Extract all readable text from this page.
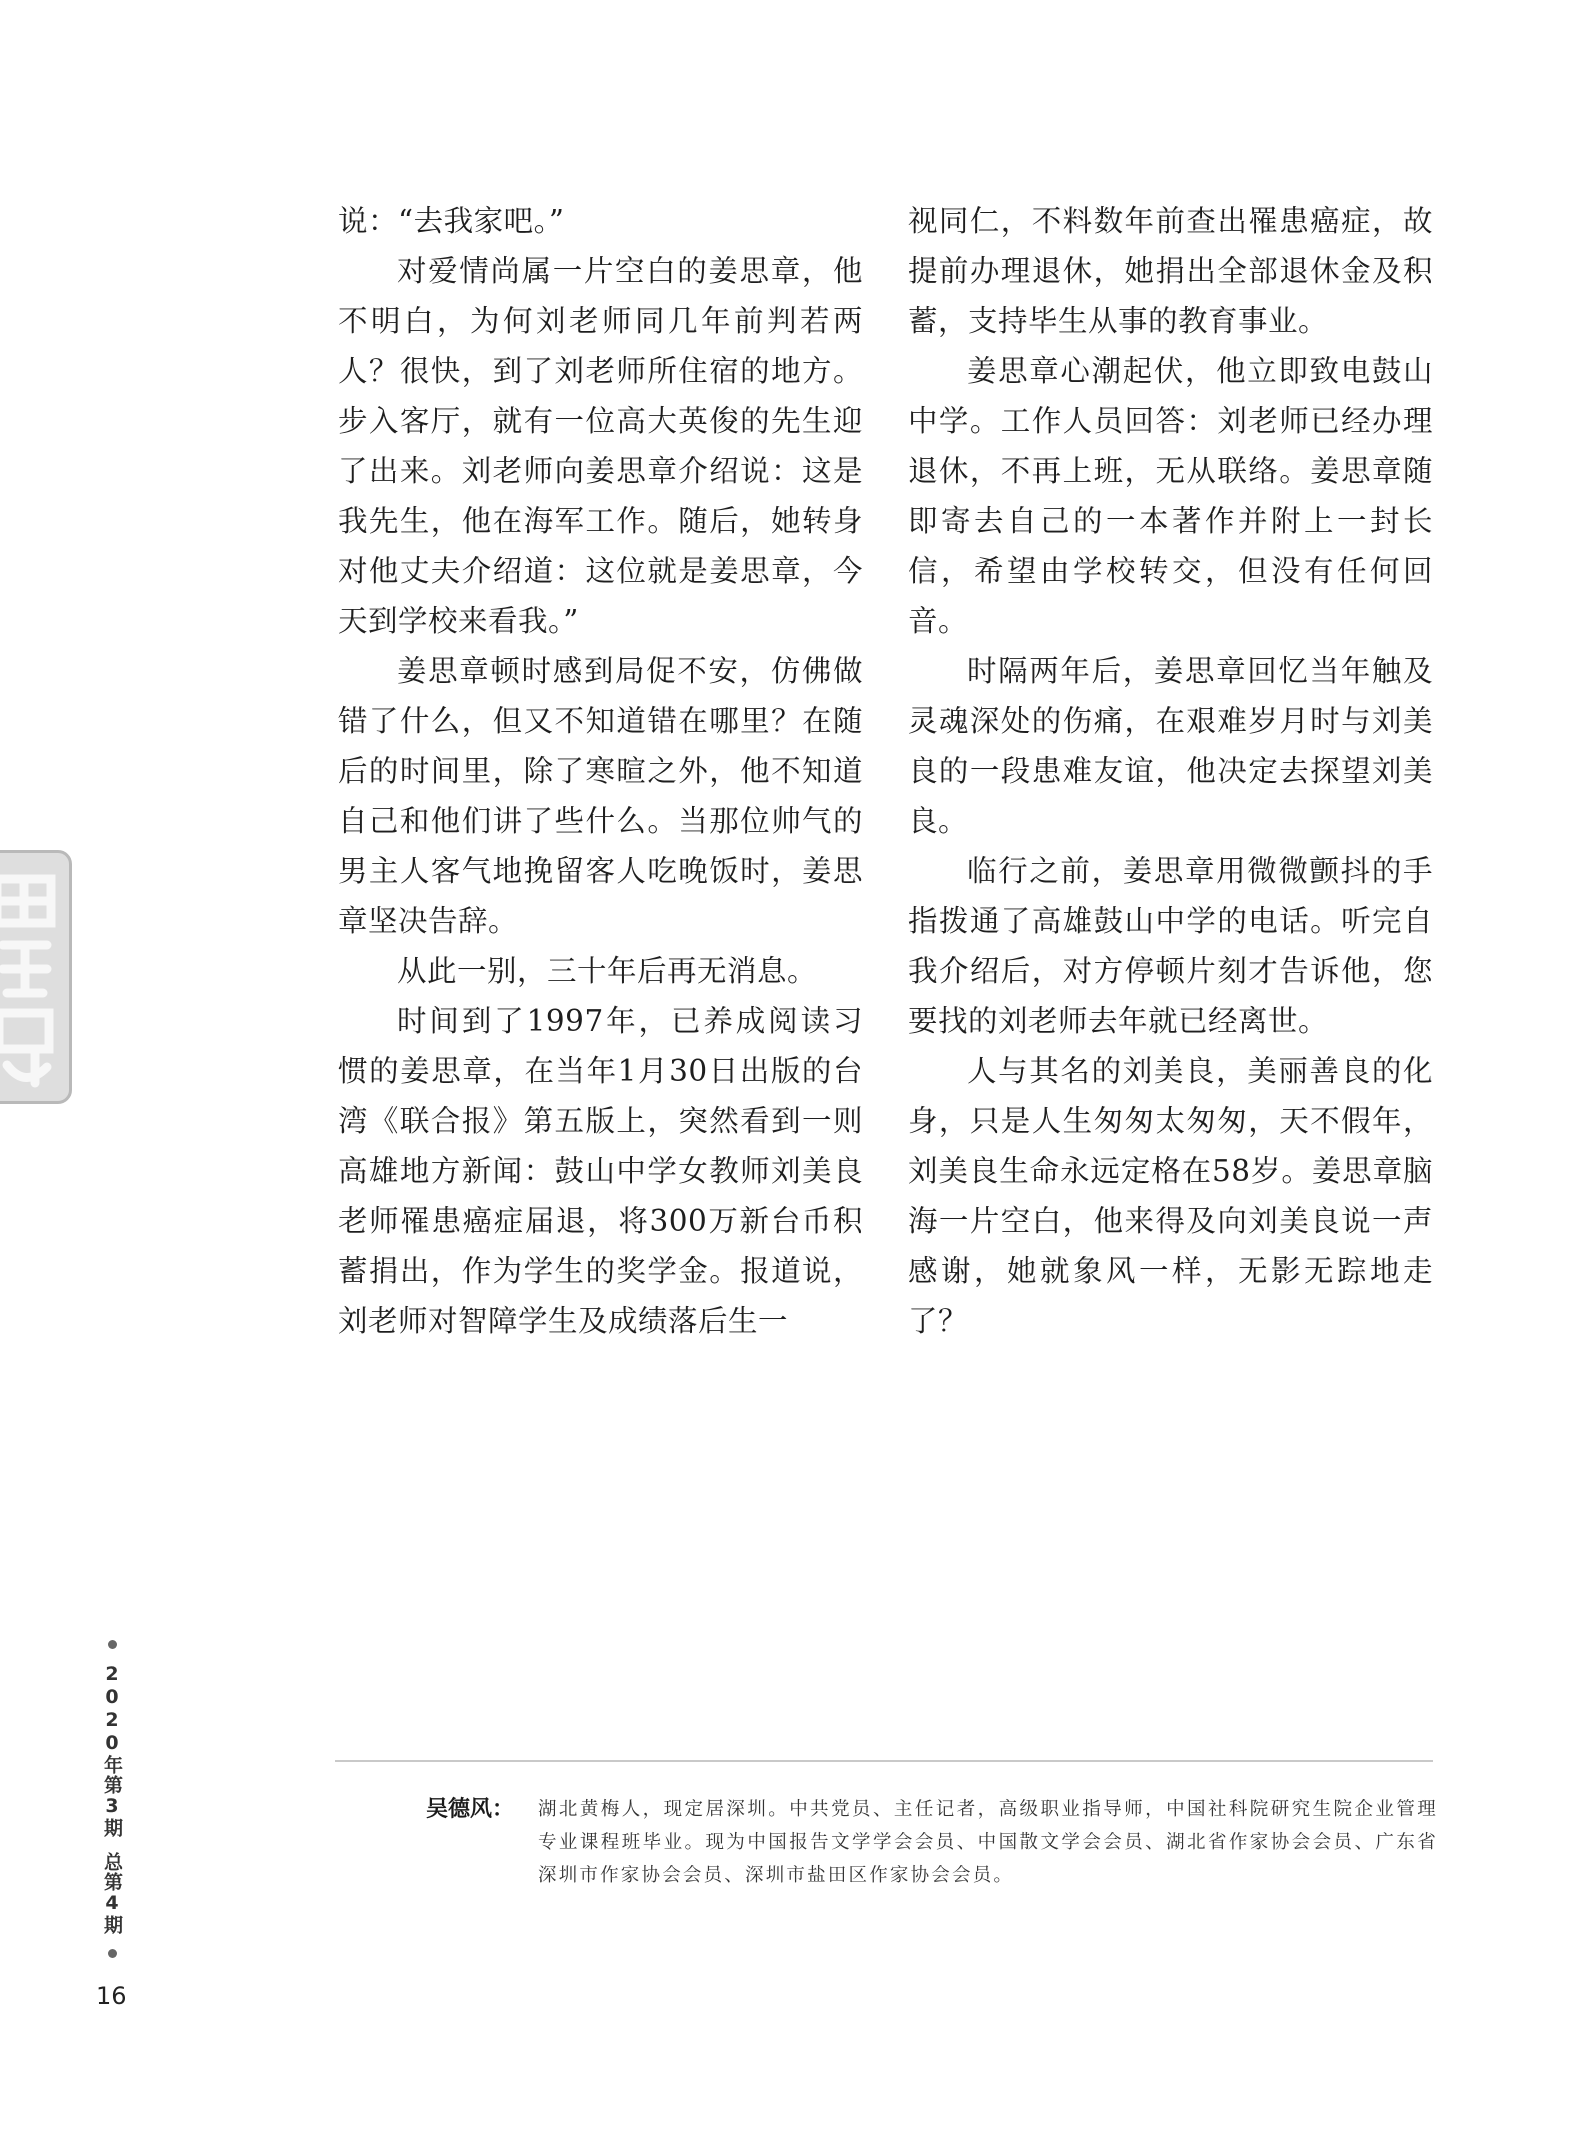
说：“去我家吧。”

对爱情尚属一片空白的姜思章，他不明白，为何刘老师同几年前判若两人？很快，到了刘老师所住宿的地方。步入客厅，就有一位高大英俊的先生迎了出来。刘老师向姜思章介绍说：这是我先生，他在海军工作。随后，她转身对他丈夫介绍道：这位就是姜思章，今天到学校来看我。”

姜思章顿时感到局促不安，仿佛做错了什么，但又不知道错在哪里？在随后的时间里，除了寒暄之外，他不知道自己和他们讲了些什么。当那位帅气的男主人客气地挽留客人吃晚饭时，姜思章坚决告辞。

从此一别，三十年后再无消息。

时间到了1997年，已养成阅读习惯的姜思章，在当年1月30日出版的台湾《联合报》第五版上，突然看到一则高雄地方新闻：鼓山中学女教师刘美良老师罹患癌症届退，将300万新台币积蓄捐出，作为学生的奖学金。报道说，刘老师对智障学生及成绩落后生一

视同仁，不料数年前查出罹患癌症，故提前办理退休，她捐出全部退休金及积蓄，支持毕生从事的教育事业。

姜思章心潮起伏，他立即致电鼓山中学。工作人员回答：刘老师已经办理退休，不再上班，无从联络。姜思章随即寄去自己的一本著作并附上一封长信，希望由学校转交，但没有任何回音。

时隔两年后，姜思章回忆当年触及灵魂深处的伤痛，在艰难岁月时与刘美良的一段患难友谊，他决定去探望刘美良。

临行之前，姜思章用微微颤抖的手指拨通了高雄鼓山中学的电话。听完自我介绍后，对方停顿片刻才告诉他，您要找的刘老师去年就已经离世。

人与其名的刘美良，美丽善良的化身，只是人生匆匆太匆匆，天不假年，刘美良生命永远定格在58岁。姜思章脑海一片空白，他来得及向刘美良说一声感谢，她就象风一样，无影无踪地走了？

吴德风： 湖北黄梅人，现定居深圳。中共党员、主任记者，高级职业指导师，中国社科院研究生院企业管理专业课程班毕业。现为中国报告文学学会会员、中国散文学会会员、湖北省作家协会会员、广东省深圳市作家协会会员、深圳市盐田区作家协会会员。

2020年第3期
总第4期
16
